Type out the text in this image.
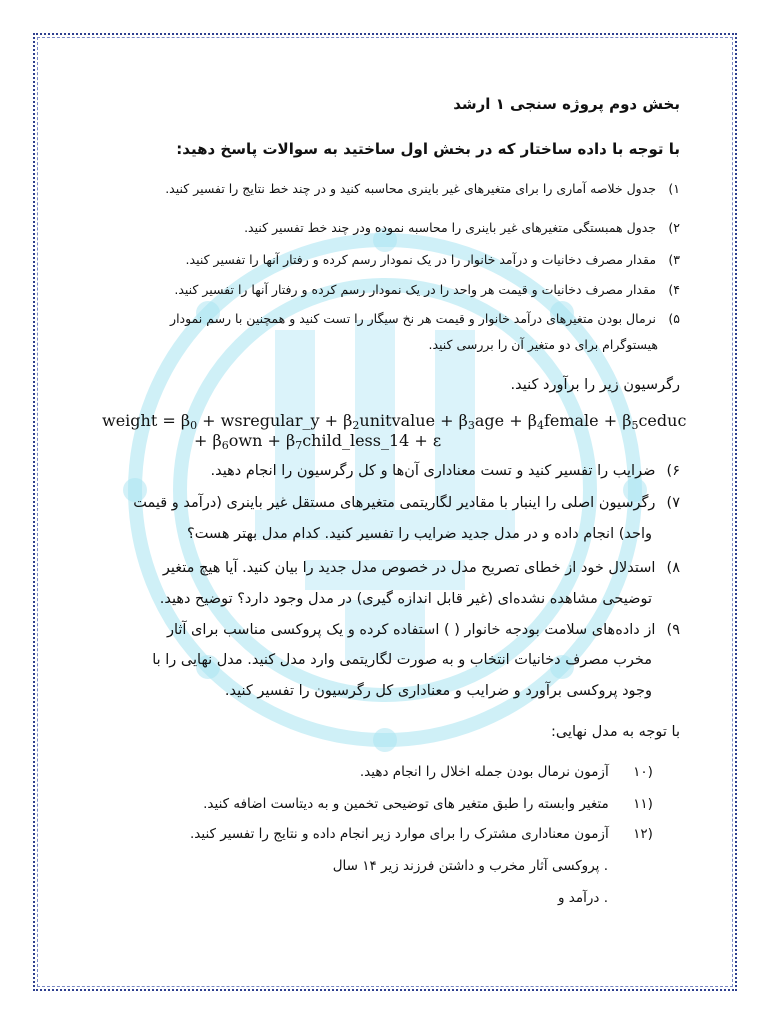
بخش دوم پروژه سنجی ۱ ارشد
با توجه با داده ساختار که در بخش اول ساختید به سوالات پاسخ دهید:
۱) جدول خلاصه آماری را برای متغیرهای غیر باینری محاسبه کنید و در چند خط نتایج را تفسیر کنید.
۲) جدول همبستگی متغیرهای غیر باینری را محاسبه نموده ودر چند خط تفسیر کنید.
۳) مقدار مصرف دخانیات و درآمد خانوار را در یک نمودار رسم کرده و رفتار آنها را تفسیر کنید.
۴) مقدار مصرف دخانیات و قیمت هر واحد را در یک نمودار رسم کرده و رفتار آنها را تفسیر کنید.
۵) نرمال بودن متغیرهای درآمد خانوار و قیمت هر نخ سیگار را تست کنید و همچنین با رسم نمودار
هیستوگرام برای دو متغیر آن را بررسی کنید.
رگرسیون زیر را برآورد کنید.
weight = $\beta_0$ + wsregular_y + $\beta_2unitvalue + \beta_3age$ + $\beta_4female$ + $\beta_5ceduc$
+ $\beta_6own$ + $\beta_7child\_less\_14 + \varepsilon$
۶) ضرایب را تفسیر کنید و تست معناداری آن‌ها و کل رگرسیون را انجام دهید.
۷) رگرسیون اصلی را اینبار با مقادیر لگاریتمی متغیرهای مستقل غیر باینری (درآمد و قیمت
واحد) انجام داده و در مدل جدید ضرایب را تفسیر کنید. کدام مدل بهتر هست؟
۸) استدلال خود از خطای تصریح مدل در خصوص مدل جدید را بیان کنید. آیا هیچ متغیر
توضیحی مشاهده نشده‌ای (غیر قابل اندازه گیری) در مدل وجود دارد؟ توضیح دهید.
۹) از داده‌های سلامت بودجه خانوار ( ) استفاده کرده و یک پروکسی مناسب برای آثار
مخرب مصرف دخانیات انتخاب و به صورت لگاریتمی وارد مدل کنید. مدل نهایی را با
وجود پروکسی برآورد و ضرایب و معناداری کل رگرسیون را تفسیر کنید.
با توجه به مدل نهایی:
(۱۰ آزمون نرمال بودن جمله اخلال را انجام دهید.
(۱۱ متغیر وابسته را طبق متغیر های توضیحی تخمین و به دیتاست اضافه کنید.
(۱۲ آزمون معناداری مشترک را برای موارد زیر انجام داده و نتایج را تفسیر کنید.
. پروکسی آثار مخرب و داشتن فرزند زیر ۱۴ سال
. درآمد و
